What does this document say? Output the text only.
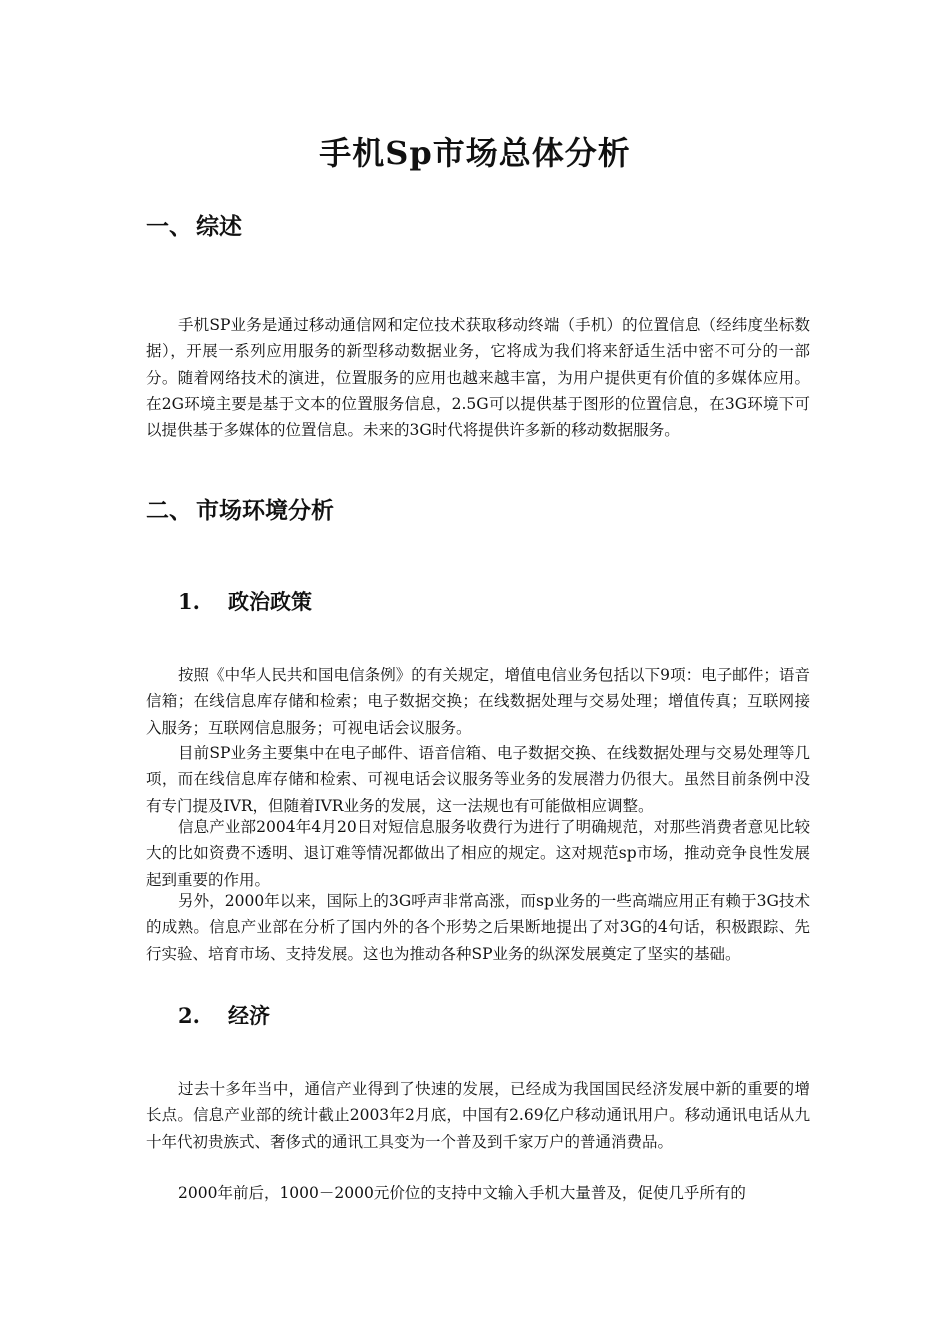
手机Sp市场总体分析
一、 综述
手机SP业务是通过移动通信网和定位技术获取移动终端（手机）的位置信息（经纬度坐标数据），开展一系列应用服务的新型移动数据业务，它将成为我们将来舒适生活中密不可分的一部分。随着网络技术的演进，位置服务的应用也越来越丰富，为用户提供更有价值的多媒体应用。在2G环境主要是基于文本的位置服务信息，2.5G可以提供基于图形的位置信息，在3G环境下可以提供基于多媒体的位置信息。未来的3G时代将提供许多新的移动数据服务。
二、 市场环境分析
1. 政治政策
按照《中华人民共和国电信条例》的有关规定，增值电信业务包括以下9项：电子邮件；语音信箱；在线信息库存储和检索；电子数据交换；在线数据处理与交易处理；增值传真；互联网接入服务；互联网信息服务；可视电话会议服务。
目前SP业务主要集中在电子邮件、语音信箱、电子数据交换、在线数据处理与交易处理等几项，而在线信息库存储和检索、可视电话会议服务等业务的发展潜力仍很大。虽然目前条例中没有专门提及IVR，但随着IVR业务的发展，这一法规也有可能做相应调整。
信息产业部2004年4月20日对短信息服务收费行为进行了明确规范，对那些消费者意见比较大的比如资费不透明、退订难等情况都做出了相应的规定。这对规范sp市场，推动竞争良性发展起到重要的作用。
另外，2000年以来，国际上的3G呼声非常高涨，而sp业务的一些高端应用正有赖于3G技术的成熟。信息产业部在分析了国内外的各个形势之后果断地提出了对3G的4句话，积极跟踪、先行实验、培育市场、支持发展。这也为推动各种SP业务的纵深发展奠定了坚实的基础。
2. 经济
过去十多年当中，通信产业得到了快速的发展，已经成为我国国民经济发展中新的重要的增长点。信息产业部的统计截止2003年2月底，中国有2.69亿户移动通讯用户。移动通讯电话从九十年代初贵族式、奢侈式的通讯工具变为一个普及到千家万户的普通消费品。
2000年前后，1000－2000元价位的支持中文输入手机大量普及，促使几乎所有的
